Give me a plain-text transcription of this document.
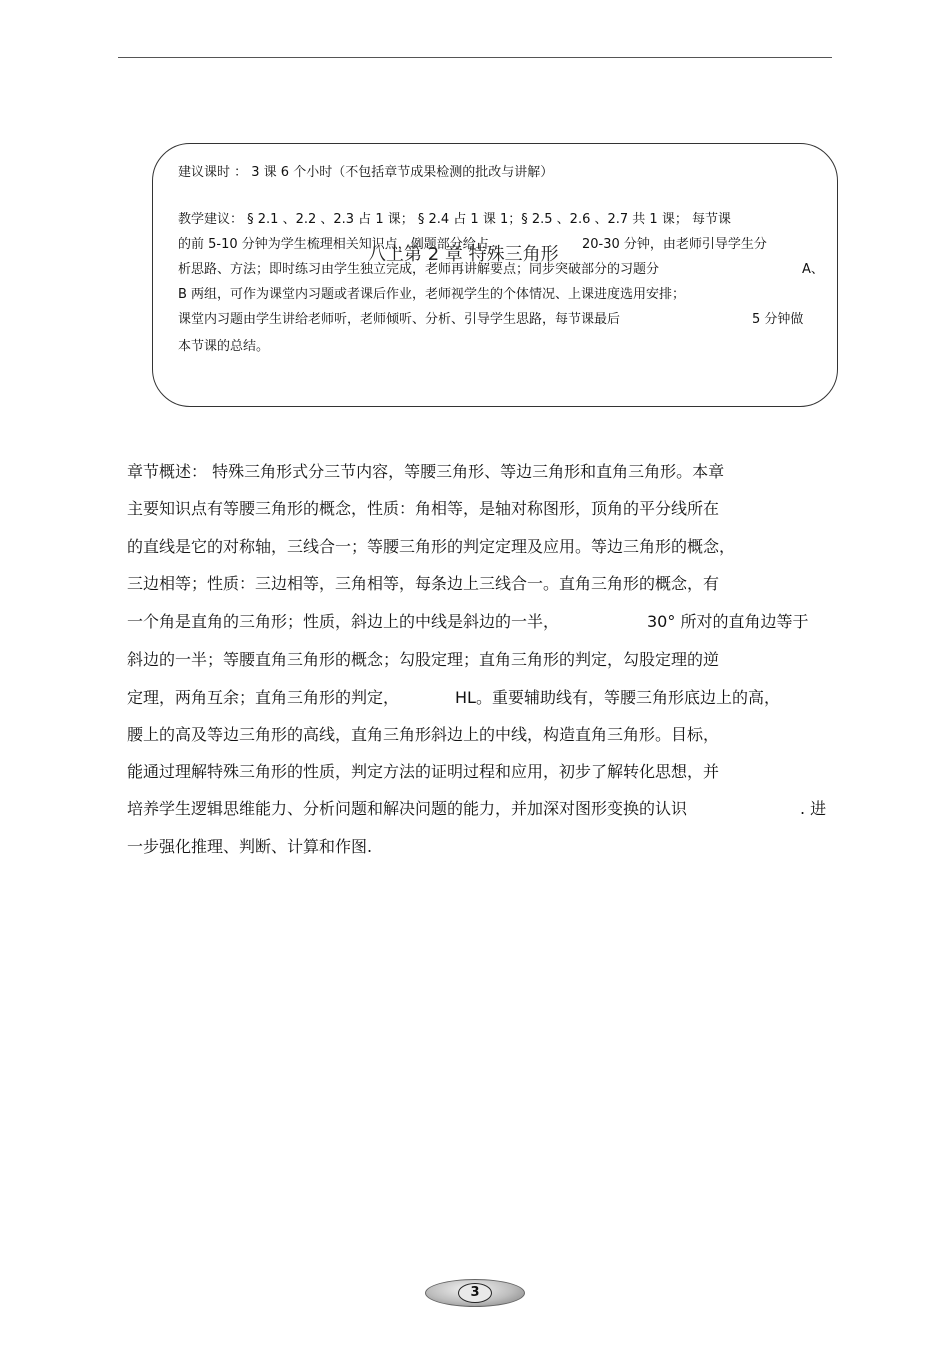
建议课时 ： 3 课 6 个小时（不包括章节成果检测的批改与讲解）
教学建议： § 2.1 、2.2 、2.3 占 1 课； § 2.4 占 1 课 1；§ 2.5 、2.6 、2.7 共 1 课； 每节课
的前 5-10 分钟为学生梳理相关知识点，例题部分给占	20-30 分钟，由老师引导学生分
析思路、方法；即时练习由学生独立完成，老师再讲解要点；同步突破部分的习题分	A、
B 两组，可作为课堂内习题或者课后作业，老师视学生的个体情况、上课进度选用安排；
课堂内习题由学生讲给老师听，老师倾听、分析、引导学生思路，每节课最后	5 分钟做
本节课的总结。
八上第 2 章 特殊三角形
章节概述： 特殊三角形式分三节内容，等腰三角形、等边三角形和直角三角形。本章
主要知识点有等腰三角形的概念，性质：角相等，是轴对称图形，顶角的平分线所在
的直线是它的对称轴，三线合一；等腰三角形的判定定理及应用。等边三角形的概念，
三边相等；性质：三边相等，三角相等，每条边上三线合一。直角三角形的概念，有
一个角是直角的三角形；性质，斜边上的中线是斜边的一半，	30° 所对的直角边等于
斜边的一半；等腰直角三角形的概念；勾股定理；直角三角形的判定，勾股定理的逆
定理，两角互余；直角三角形的判定，	HL。重要辅助线有，等腰三角形底边上的高，
腰上的高及等边三角形的高线，直角三角形斜边上的中线，构造直角三角形。目标，
能通过理解特殊三角形的性质，判定方法的证明过程和应用，初步了解转化思想，并
培养学生逻辑思维能力、分析问题和解决问题的能力，并加深对图形变换的认识	. 进
一步强化推理、判断、计算和作图.
3
